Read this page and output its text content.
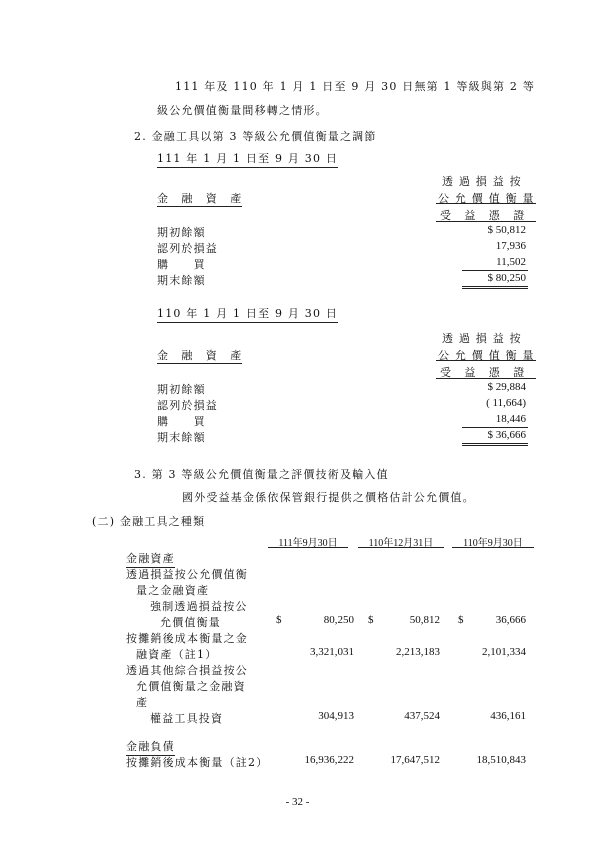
111 年及 110 年 1 月 1 日至 9 月 30 日無第 1 等級與第 2 等
級公允價值衡量間移轉之情形。
2. 金融工具以第 3 等級公允價值衡量之調節
111 年 1 月 1 日至 9 月 30 日
透 過 損 益 按
金　融　資　產	公 允 價 值 衡 量
受　益　憑　證
期初餘額	$ 50,812
認列於損益	17,936
購　　買	11,502
期末餘額	$ 80,250
110 年 1 月 1 日至 9 月 30 日
透 過 損 益 按
金　融　資　產	公 允 價 值 衡 量
受　益　憑　證
期初餘額	$ 29,884
認列於損益	( 11,664)
購　　買	18,446
期末餘額	$ 36,666
3. 第 3 等級公允價值衡量之評價技術及輸入值
國外受益基金係依保管銀行提供之價格估計公允價值。
(二) 金融工具之種類
111年9月30日	110年12月31日	110年9月30日
金融資產
透過損益按公允價值衡
量之金融資產
強制透過損益按公
允價值衡量	$	80,250 $	50,812 $	36,666
按攤銷後成本衡量之金
融資產（註1）	3,321,031	2,213,183	2,101,334
透過其他綜合損益按公
允價值衡量之金融資
產
權益工具投資	304,913	437,524	436,161
金融負債
按攤銷後成本衡量（註2）	16,936,222	17,647,512	18,510,843
- 32 -
